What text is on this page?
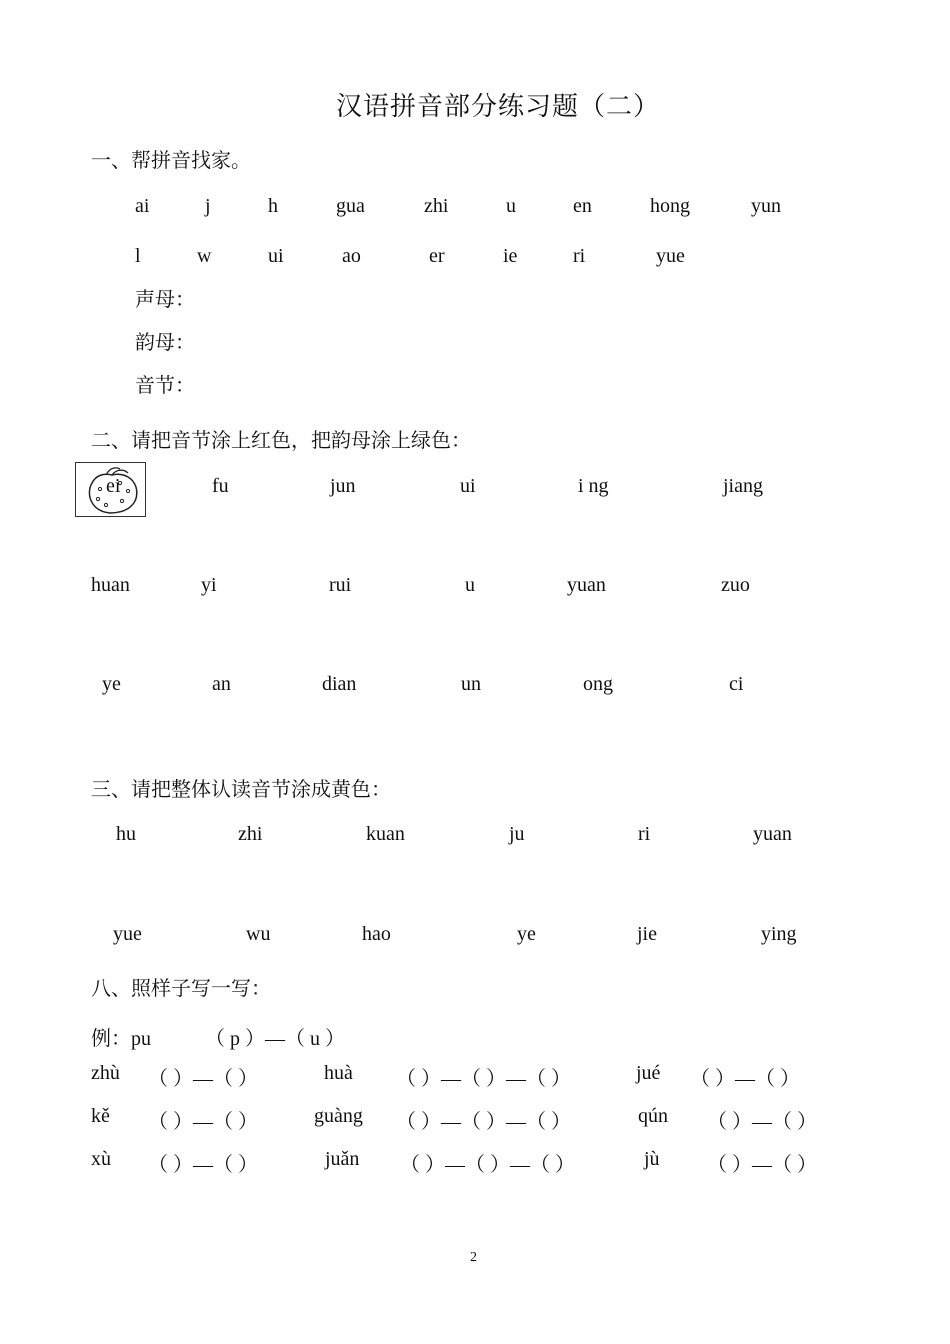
汉语拼音部分练习题（二）
一、帮拼音找家。
ai	j	h	gua	zhi	u	en	hong	yun
l	w	ui	ao	er	ie	ri	yue
声母：
韵母：
音节：
二、请把音节涂上红色，把韵母涂上绿色：
ei	fu	jun	ui	i ng	jiang
huan	yi	rui	u	yuan	zuo
ye	an	dian	un	ong	ci
三、请把整体认读音节涂成黄色：
hu	zhi	kuan	ju	ri	yuan
yue	wu	hao	ye	jie	ying
八、照样子写一写：
例：pu	（ p ）—（ u ）
zhù （ ）—（ ）	huà （ ）—（ ）—（ ）	jué （ ）—（ ）
kě （ ）—（ ）	guàng （ ）—（ ）—（ ）	qún （ ）—（ ）
xù （ ）—（ ）	juǎn （ ）—（ ）—（ ）	jù （ ）—（ ）
2
